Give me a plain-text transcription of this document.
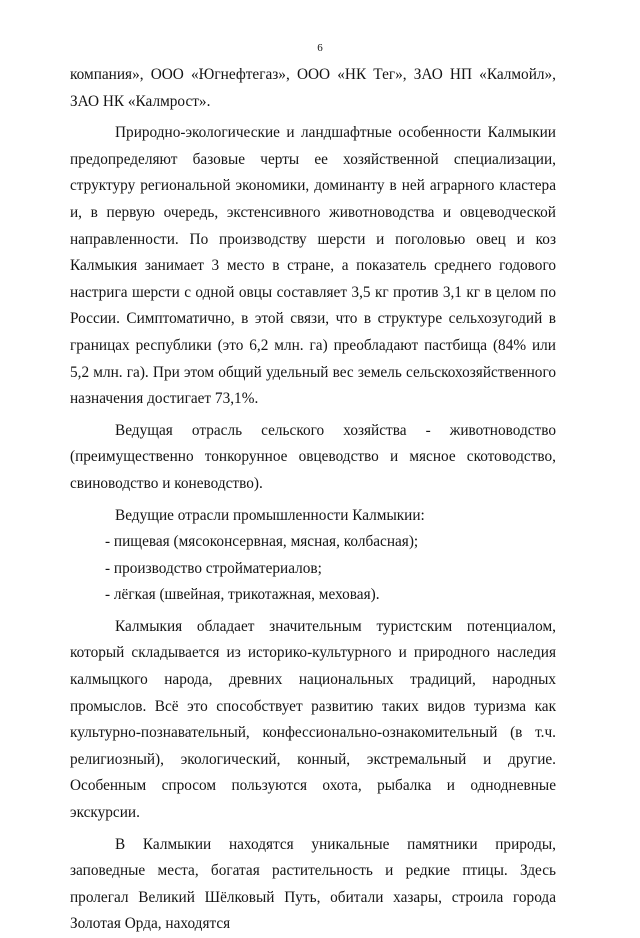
6

компания», ООО «Югнефтегаз», ООО «НК Тег», ЗАО НП «Калмойл», ЗАО НК «Калмрост».

Природно-экологические и ландшафтные особенности Калмыкии предопределяют базовые черты ее хозяйственной специализации, структуру региональной экономики, доминанту в ней аграрного кластера и, в первую очередь, экстенсивного животноводства и овцеводческой направленности. По производству шерсти и поголовью овец и коз Калмыкия занимает 3 место в стране, а показатель среднего годового настрига шерсти с одной овцы составляет 3,5 кг против 3,1 кг в целом по России. Симптоматично, в этой связи, что в структуре сельхозугодий в границах республики (это 6,2 млн. га) преобладают пастбища (84% или 5,2 млн. га). При этом общий удельный вес земель сельскохозяйственного назначения достигает 73,1%.

Ведущая отрасль сельского хозяйства - животноводство (преимущественно тонкорунное овцеводство и мясное скотоводство, свиноводство и коневодство).

Ведущие отрасли промышленности Калмыкии:

- пищевая (мясоконсервная, мясная, колбасная);

- производство стройматериалов;

- лёгкая (швейная, трикотажная, меховая).

Калмыкия обладает значительным туристским потенциалом, который складывается из историко-культурного и природного наследия калмыцкого народа, древних национальных традиций, народных промыслов. Всё это способствует развитию таких видов туризма как культурно-познавательный, конфессионально-ознакомительный (в т.ч. религиозный), экологический, конный, экстремальный и другие. Особенным спросом пользуются охота, рыбалка и однодневные экскурсии.

В Калмыкии находятся уникальные памятники природы, заповедные места, богатая растительность и редкие птицы. Здесь пролегал Великий Шёлковый Путь, обитали хазары, строила города Золотая Орда, находятся
